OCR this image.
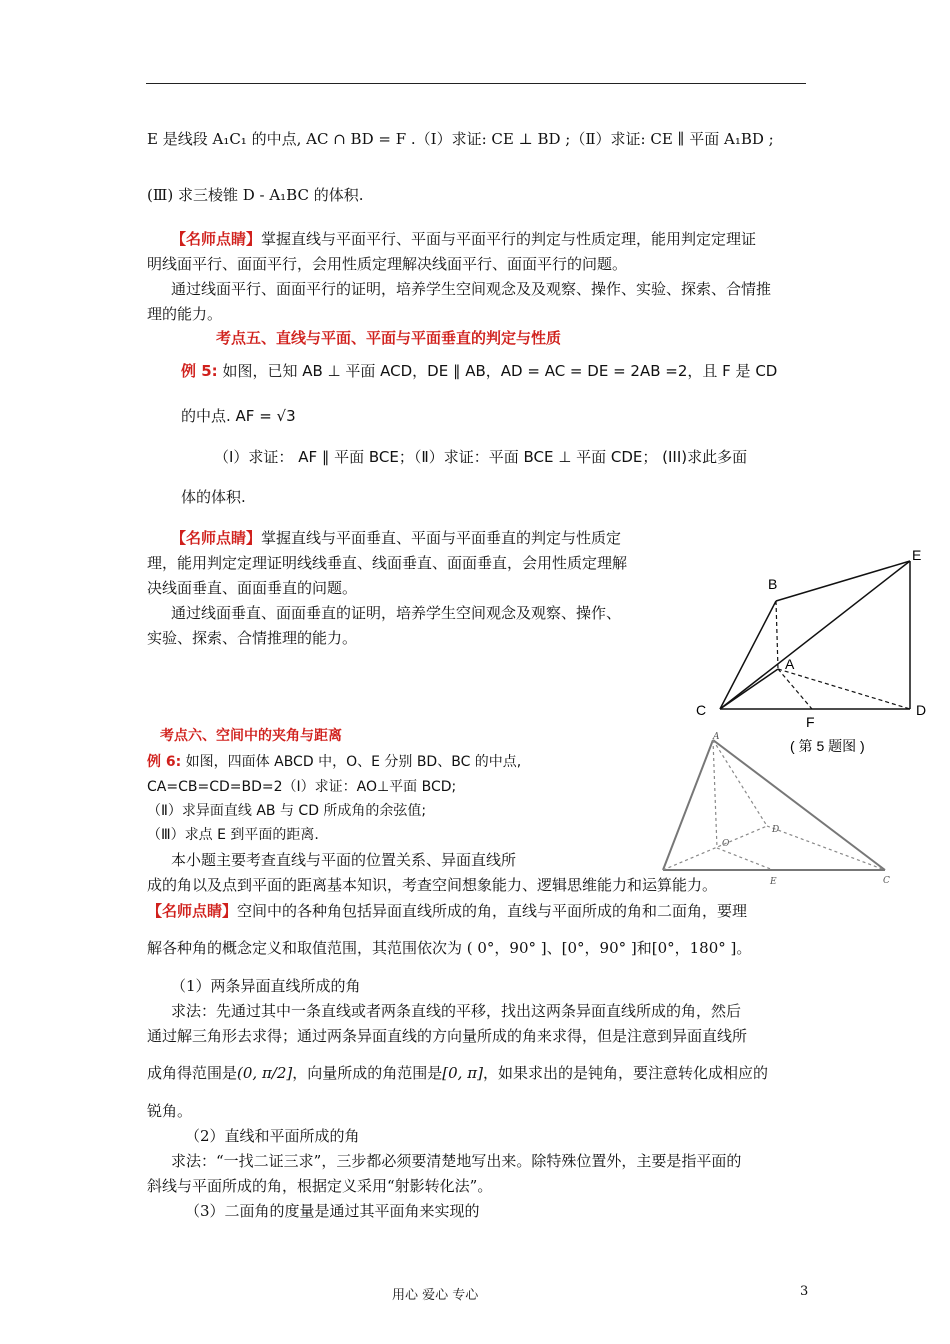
E 是线段 A₁C₁ 的中点, AC ∩ BD = F .（Ⅰ）求证: CE ⊥ BD ;（Ⅱ）求证: CE ∥ 平面 A₁BD ;
(Ⅲ) 求三棱锥 D - A₁BC 的体积.
【名师点睛】掌握直线与平面平行、平面与平面平行的判定与性质定理，能用判定定理证
明线面平行、面面平行，会用性质定理解决线面平行、面面平行的问题。
通过线面平行、面面平行的证明，培养学生空间观念及及观察、操作、实验、探索、合情推
理的能力。
考点五、直线与平面、平面与平面垂直的判定与性质
例 5: 如图，已知 AB ⊥ 平面 ACD，DE ∥ AB，AD = AC = DE = 2AB =2，且 F 是 CD
的中点. AF = √3
（Ⅰ）求证： AF ∥ 平面 BCE；（Ⅱ）求证：平面 BCE ⊥ 平面 CDE； (III)求此多面
体的体积.
【名师点睛】掌握直线与平面垂直、平面与平面垂直的判定与性质定
理，能用判定定理证明线线垂直、线面垂直、面面垂直，会用性质定理解
决线面垂直、面面垂直的问题。
通过线面垂直、面面垂直的证明，培养学生空间观念及观察、操作、
实验、探索、合情推理的能力。
B
E
A
C
F
D
( 第 5 题图 )
考点六、空间中的夹角与距离
例 6: 如图，四面体 ABCD 中，O、E 分别 BD、BC 的中点,
CA=CB=CD=BD=2（Ⅰ）求证：AO⊥平面 BCD;
（Ⅱ）求异面直线 AB 与 CD 所成角的余弦值;
（Ⅲ）求点 E 到平面的距离.
本小题主要考查直线与平面的位置关系、异面直线所
成的角以及点到平面的距离基本知识，考查空间想象能力、逻辑思维能力和运算能力。
A
O
D
E	C
【名师点睛】空间中的各种角包括异面直线所成的角，直线与平面所成的角和二面角，要理
解各种角的概念定义和取值范围，其范围依次为 ( 0°，90° ]、[0°，90° ]和[0°，180° ]。
（1）两条异面直线所成的角
求法：先通过其中一条直线或者两条直线的平移，找出这两条异面直线所成的角，然后
通过解三角形去求得；通过两条异面直线的方向量所成的角来求得，但是注意到异面直线所
成角得范围是(0, π/2]，向量所成的角范围是[0, π]，如果求出的是钝角，要注意转化成相应的
锐角。
（2）直线和平面所成的角
求法：“一找二证三求”，三步都必须要清楚地写出来。除特殊位置外，主要是指平面的
斜线与平面所成的角，根据定义采用“射影转化法”。
（3）二面角的度量是通过其平面角来实现的
用心 爱心 专心	3
